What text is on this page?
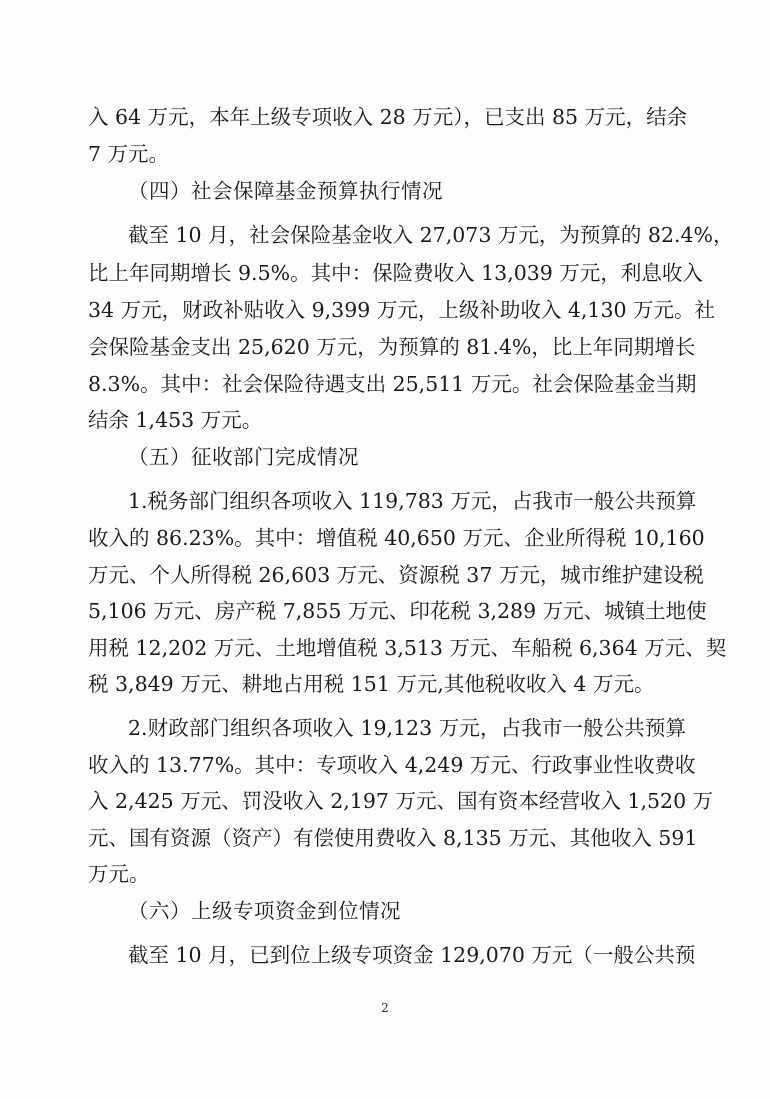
入 64 万元，本年上级专项收入 28 万元），已支出 85 万元，结余
7 万元。
（四）社会保障基金预算执行情况
截至 10 月，社会保险基金收入 27,073 万元，为预算的 82.4%，
比上年同期增长 9.5%。其中：保险费收入 13,039 万元，利息收入
34 万元，财政补贴收入 9,399 万元，上级补助收入 4,130 万元。社
会保险基金支出 25,620 万元，为预算的 81.4%，比上年同期增长
8.3%。其中：社会保险待遇支出 25,511 万元。社会保险基金当期
结余 1,453 万元。
（五）征收部门完成情况
1.税务部门组织各项收入 119,783 万元，占我市一般公共预算
收入的 86.23%。其中：增值税 40,650 万元、企业所得税 10,160
万元、个人所得税 26,603 万元、资源税 37 万元，城市维护建设税
5,106 万元、房产税 7,855 万元、印花税 3,289 万元、城镇土地使
用税 12,202 万元、土地增值税 3,513 万元、车船税 6,364 万元、契
税 3,849 万元、耕地占用税 151 万元,其他税收收入 4 万元。
2.财政部门组织各项收入 19,123 万元，占我市一般公共预算
收入的 13.77%。其中：专项收入 4,249 万元、行政事业性收费收
入 2,425 万元、罚没收入 2,197 万元、国有资本经营收入 1,520 万
元、国有资源（资产）有偿使用费收入 8,135 万元、其他收入 591
万元。
（六）上级专项资金到位情况
截至 10 月，已到位上级专项资金 129,070 万元（一般公共预
2
